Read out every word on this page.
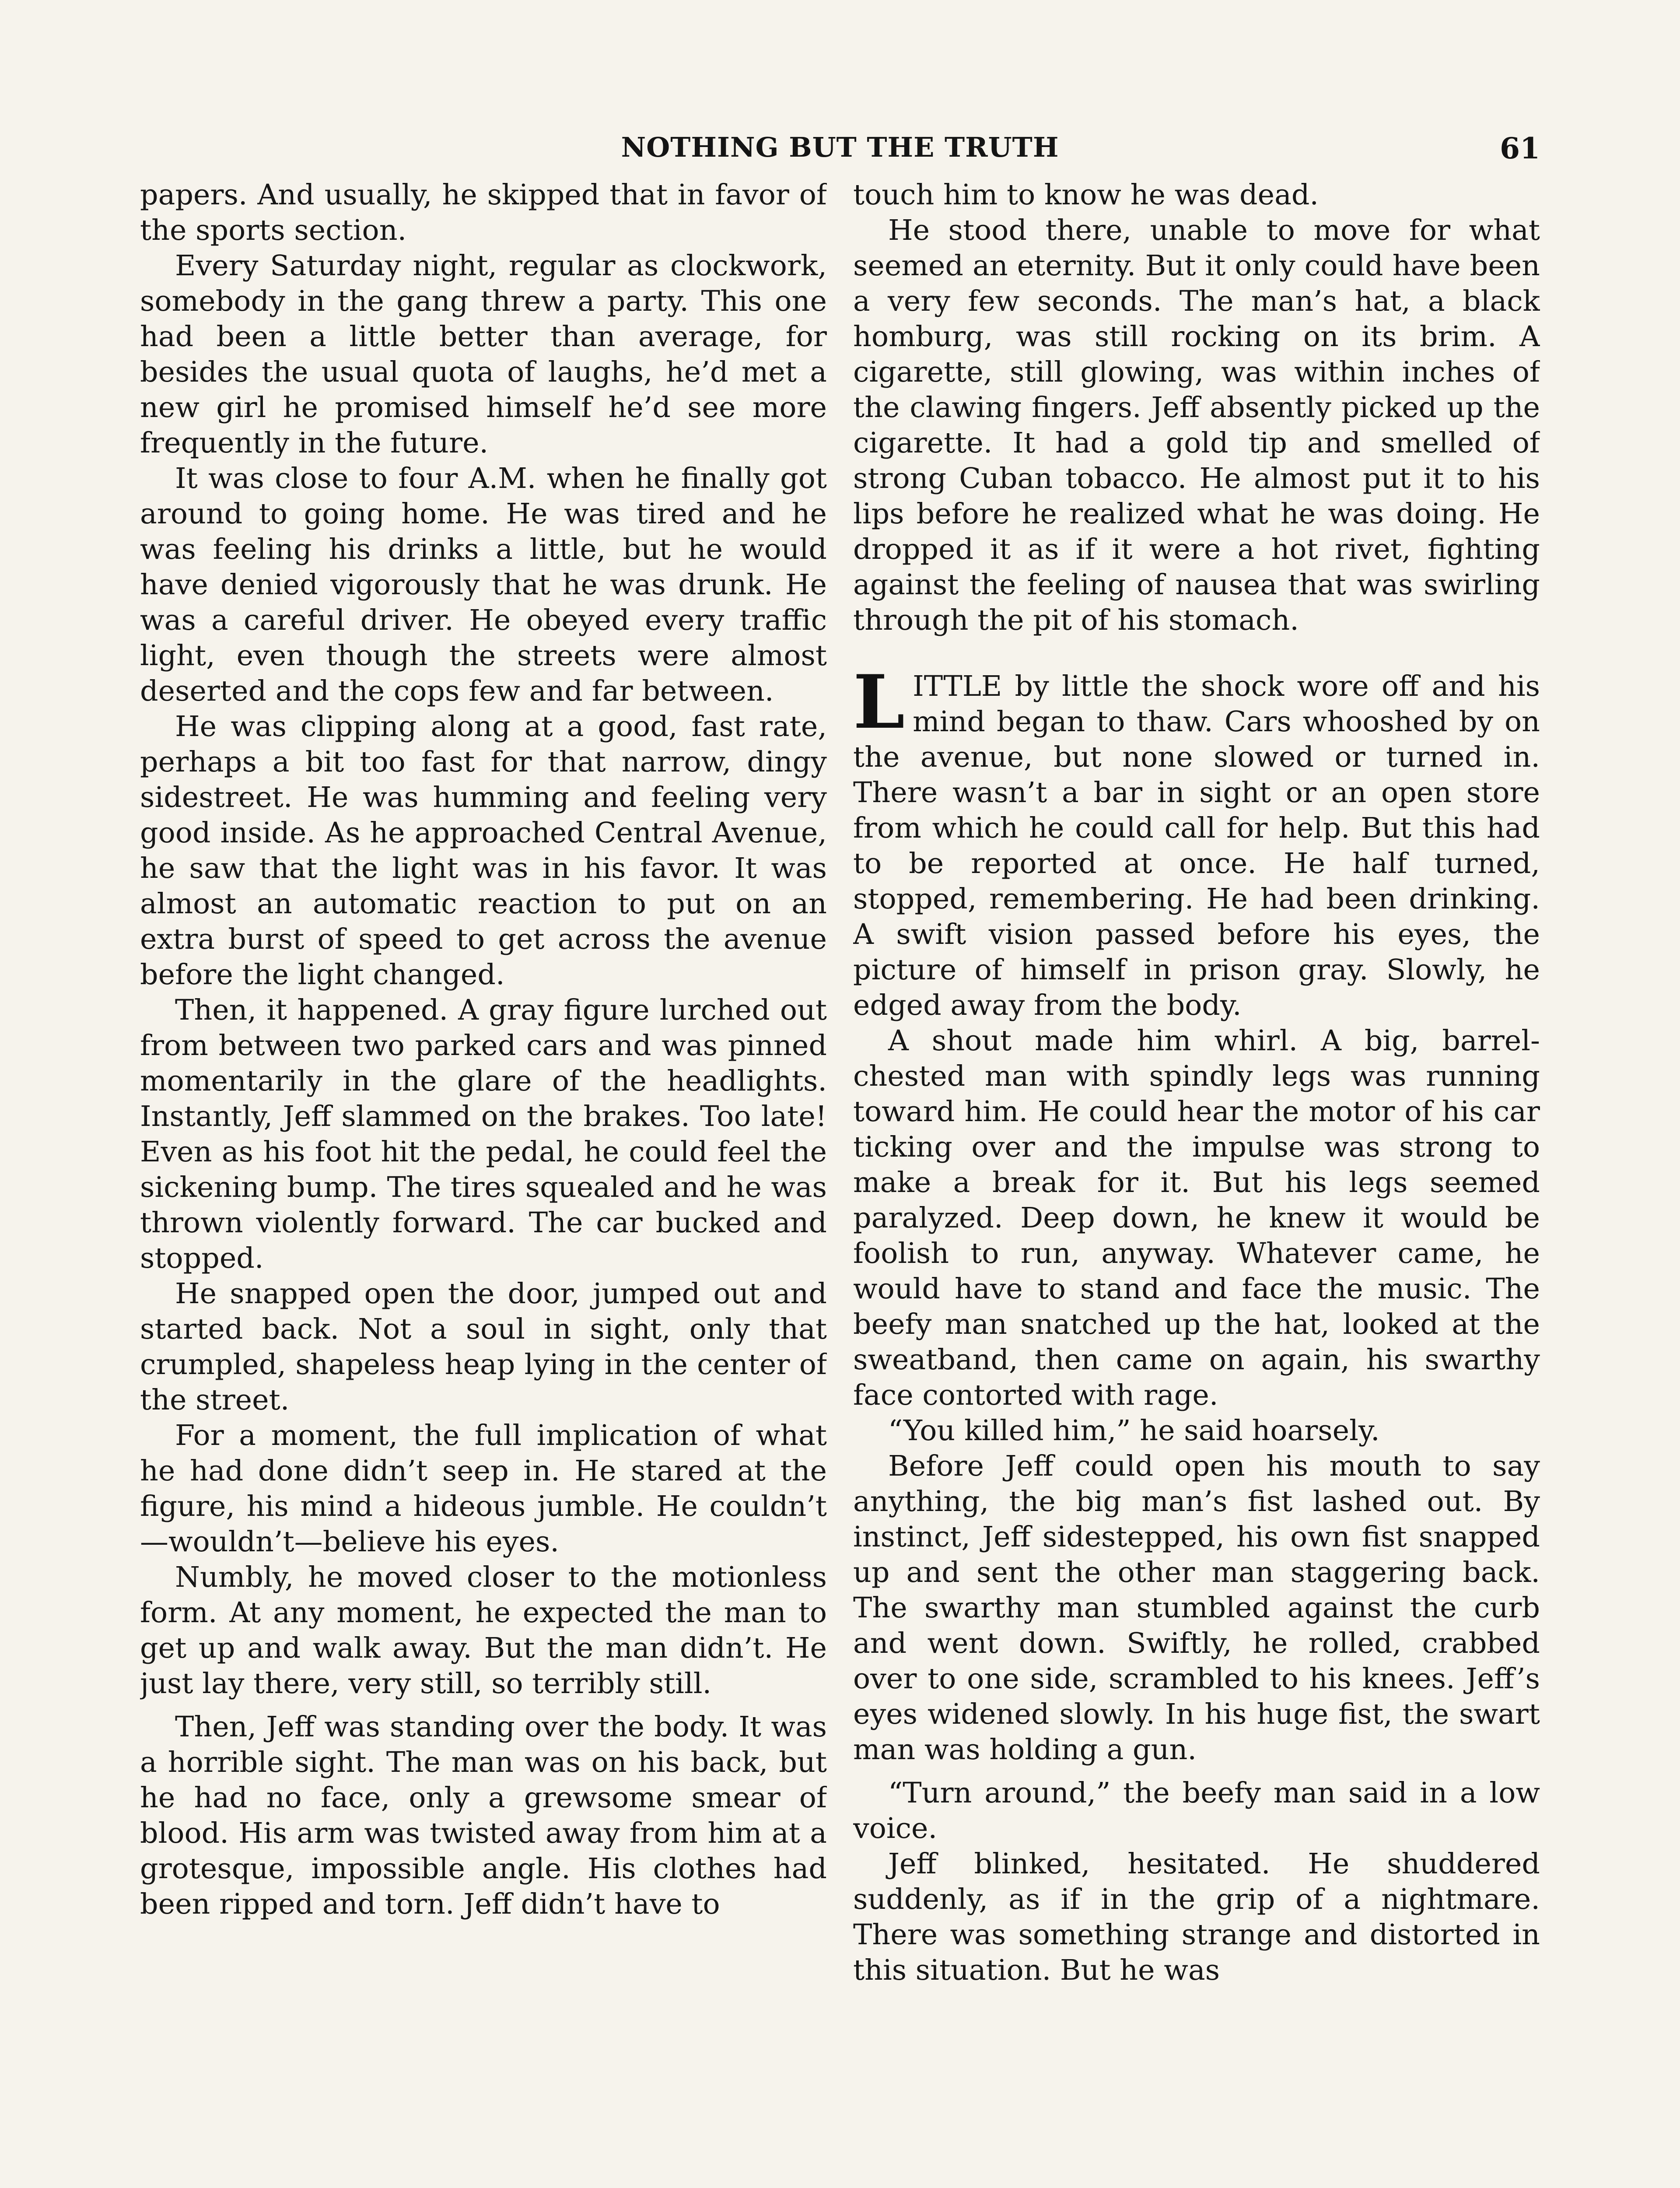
NOTHING BUT THE TRUTH	61

papers. And usually, he skipped that in favor of the sports section.

Every Saturday night, regular as clockwork, somebody in the gang threw a party. This one had been a little better than average, for besides the usual quota of laughs, he’d met a new girl he promised himself he’d see more frequently in the future.

It was close to four A.M. when he finally got around to going home. He was tired and he was feeling his drinks a little, but he would have denied vigorously that he was drunk. He was a careful driver. He obeyed every traffic light, even though the streets were almost deserted and the cops few and far between.

He was clipping along at a good, fast rate, perhaps a bit too fast for that narrow, dingy sidestreet. He was humming and feeling very good inside. As he approached Central Avenue, he saw that the light was in his favor. It was almost an automatic reaction to put on an extra burst of speed to get across the avenue before the light changed.

Then, it happened. A gray figure lurched out from between two parked cars and was pinned momentarily in the glare of the headlights. Instantly, Jeff slammed on the brakes. Too late! Even as his foot hit the pedal, he could feel the sickening bump. The tires squealed and he was thrown violently forward. The car bucked and stopped.

He snapped open the door, jumped out and started back. Not a soul in sight, only that crumpled, shapeless heap lying in the center of the street.

For a moment, the full implication of what he had done didn’t seep in. He stared at the figure, his mind a hideous jumble. He couldn’t—wouldn’t—believe his eyes.

Numbly, he moved closer to the motionless form. At any moment, he expected the man to get up and walk away. But the man didn’t. He just lay there, very still, so terribly still.

Then, Jeff was standing over the body. It was a horrible sight. The man was on his back, but he had no face, only a grewsome smear of blood. His arm was twisted away from him at a grotesque, impossible angle. His clothes had been ripped and torn. Jeff didn’t have to

touch him to know he was dead.

He stood there, unable to move for what seemed an eternity. But it only could have been a very few seconds. The man’s hat, a black homburg, was still rocking on its brim. A cigarette, still glowing, was within inches of the clawing fingers. Jeff absently picked up the cigarette. It had a gold tip and smelled of strong Cuban tobacco. He almost put it to his lips before he realized what he was doing. He dropped it as if it were a hot rivet, fighting against the feeling of nausea that was swirling through the pit of his stomach.

LITTLE by little the shock wore off and his mind began to thaw. Cars whooshed by on the avenue, but none slowed or turned in. There wasn’t a bar in sight or an open store from which he could call for help. But this had to be reported at once. He half turned, stopped, remembering. He had been drinking. A swift vision passed before his eyes, the picture of himself in prison gray. Slowly, he edged away from the body.

A shout made him whirl. A big, barrel-chested man with spindly legs was running toward him. He could hear the motor of his car ticking over and the impulse was strong to make a break for it. But his legs seemed paralyzed. Deep down, he knew it would be foolish to run, anyway. Whatever came, he would have to stand and face the music. The beefy man snatched up the hat, looked at the sweatband, then came on again, his swarthy face contorted with rage.

“You killed him,” he said hoarsely.

Before Jeff could open his mouth to say anything, the big man’s fist lashed out. By instinct, Jeff sidestepped, his own fist snapped up and sent the other man staggering back. The swarthy man stumbled against the curb and went down. Swiftly, he rolled, crabbed over to one side, scrambled to his knees. Jeff’s eyes widened slowly. In his huge fist, the swart man was holding a gun.

“Turn around,” the beefy man said in a low voice.

Jeff blinked, hesitated. He shuddered suddenly, as if in the grip of a nightmare. There was something strange and distorted in this situation. But he was
